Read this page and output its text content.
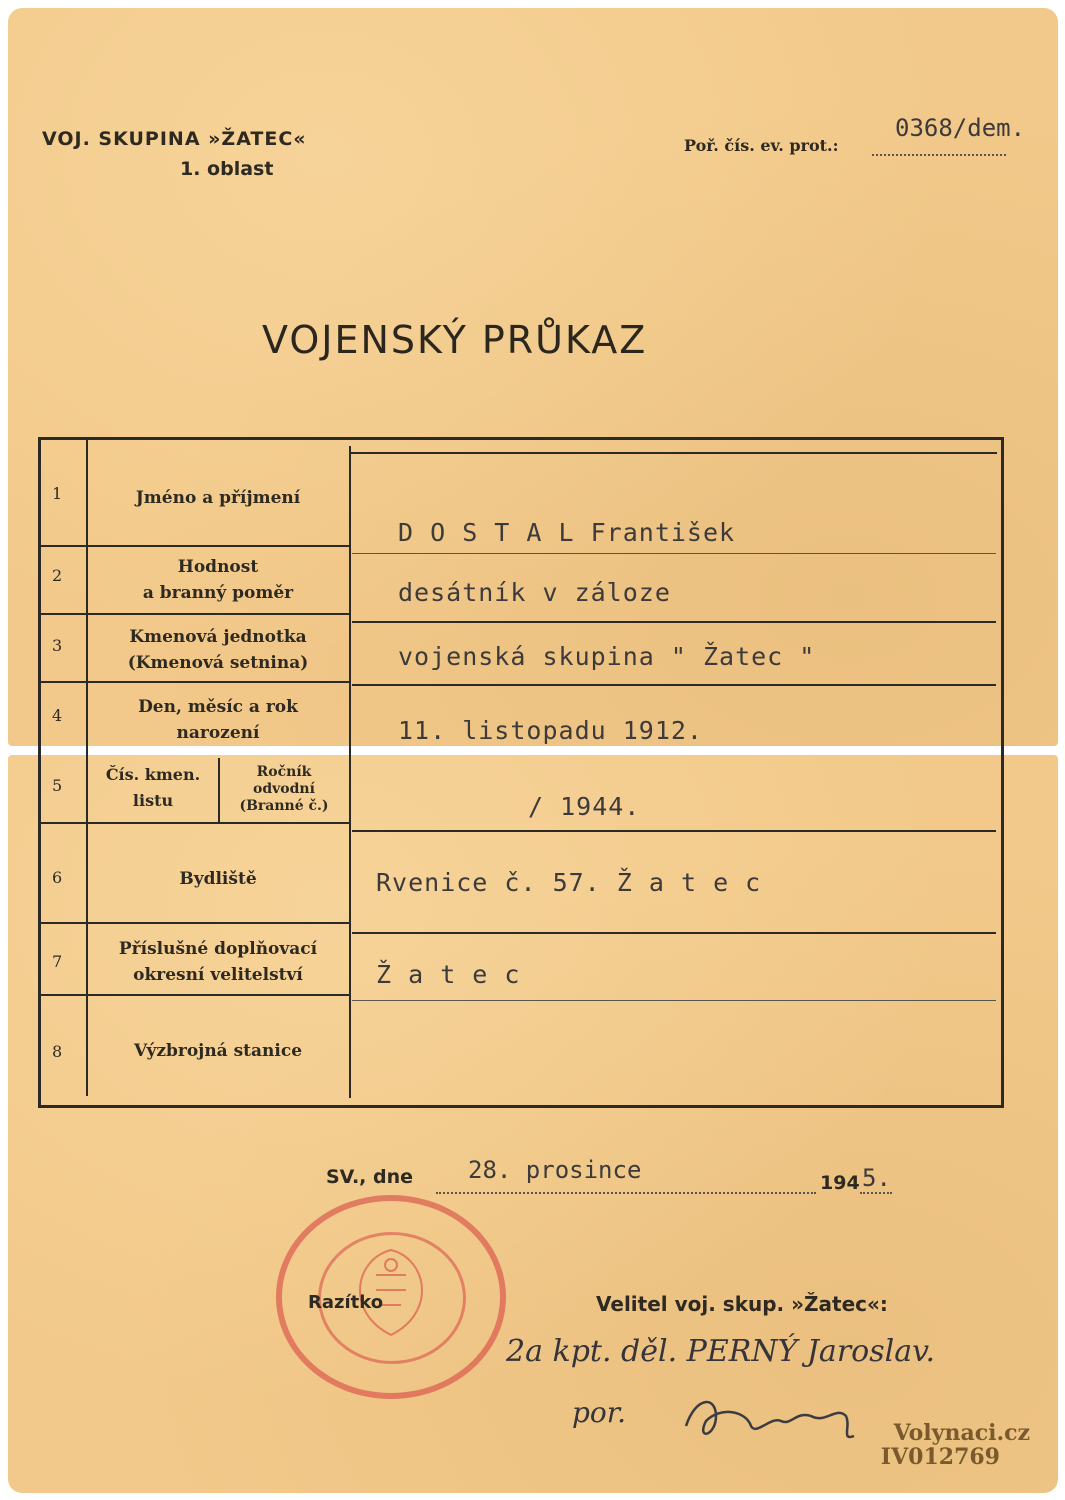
VOJ. SKUPINA »ŽATEC«
1. oblast
Poř. čís. ev. prot.:
0368/dem.
VOJENSKÝ PRŮKAZ
1
2
3
4
5
6
7
8
Jméno a příjmení
Hodnost
a branný poměr
Kmenová jednotka
(Kmenová setnina)
Den, měsíc a rok
narození
Čís. kmen.
listu
Ročník
odvodní
(Branné č.)
Bydliště
Příslušné doplňovací
okresní velitelství
Výzbrojná stanice
D O S T A L František
desátník v záloze
vojenská skupina " Žatec "
11. listopadu 1912.
/ 1944.
Rvenice č. 57. Ž a t e c
Ž a t e c
SV., dne 28. prosince	194 5.
Razítko	Velitel voj. skup. »Žatec«:
2a kpt. děl. PERNÝ Jaroslav.
por.
Volynaci.cz
IV012769
